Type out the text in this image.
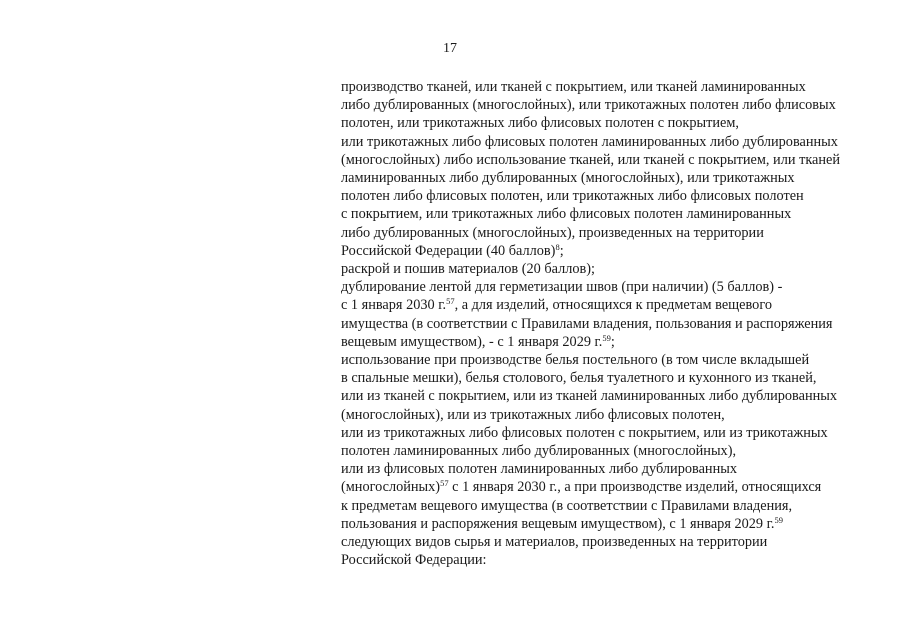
17
производство тканей, или тканей с покрытием, или тканей ламинированных
либо дублированных (многослойных), или трикотажных полотен либо флисовых
полотен, или трикотажных либо флисовых полотен с покрытием,
или трикотажных либо флисовых полотен ламинированных либо дублированных
(многослойных) либо использование тканей, или тканей с покрытием, или тканей
ламинированных либо дублированных (многослойных), или трикотажных
полотен либо флисовых полотен, или трикотажных либо флисовых полотен
с покрытием, или трикотажных либо флисовых полотен ламинированных
либо дублированных (многослойных), произведенных на территории
Российской Федерации (40 баллов)$^8$;
раскрой и пошив материалов (20 баллов);
дублирование лентой для герметизации швов (при наличии) (5 баллов) -
с 1 января 2030 г.$^{57}$, а для изделий, относящихся к предметам вещевого
имущества (в соответствии с Правилами владения, пользования и распоряжения
вещевым имуществом), - с 1 января 2029 г.$^{59}$;
использование при производстве белья постельного (в том числе вкладышей
в спальные мешки), белья столового, белья туалетного и кухонного из тканей,
или из тканей с покрытием, или из тканей ламинированных либо дублированных
(многослойных), или из трикотажных либо флисовых полотен,
или из трикотажных либо флисовых полотен с покрытием, или из трикотажных
полотен ламинированных либо дублированных (многослойных),
или из флисовых полотен ламинированных либо дублированных
(многослойных)$^{57}$ с 1 января 2030 г., а при производстве изделий, относящихся
к предметам вещевого имущества (в соответствии с Правилами владения,
пользования и распоряжения вещевым имуществом), с 1 января 2029 г.$^{59}$
следующих видов сырья и материалов, произведенных на территории
Российской Федерации:
